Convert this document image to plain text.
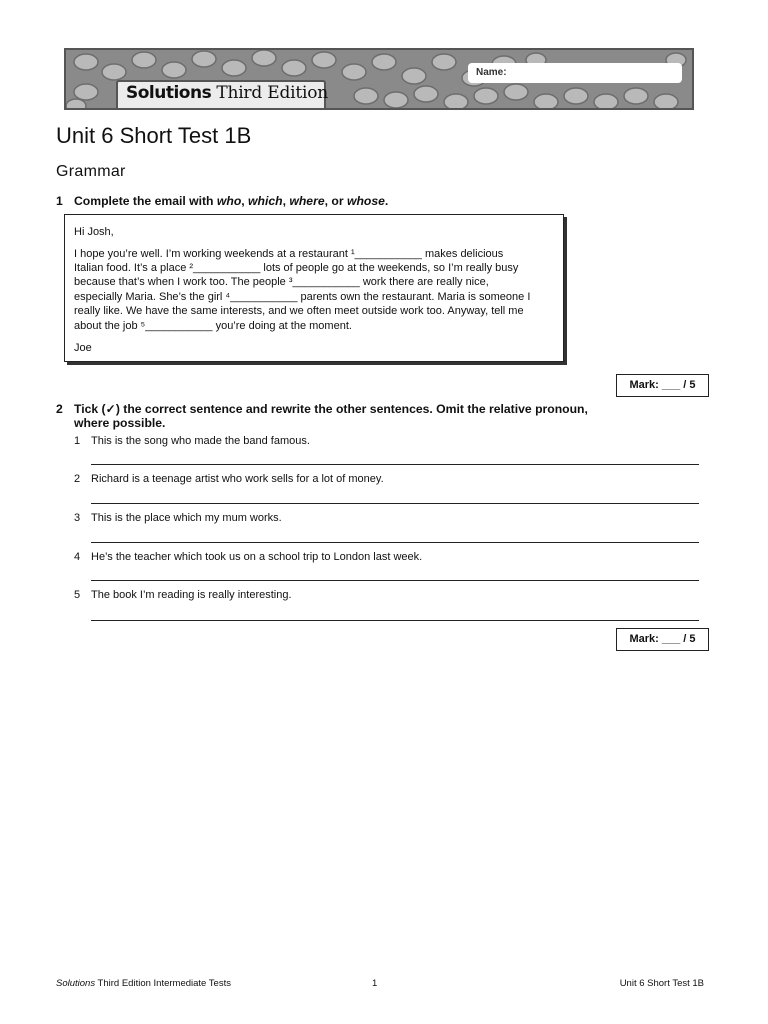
Solutions Third Edition
Name:
Unit 6 Short Test 1B
Grammar
1 Complete the email with who, which, where, or whose.
Hi Josh,
I hope you’re well. I’m working weekends at a restaurant ¹___________ makes delicious
Italian food. It’s a place ²___________ lots of people go at the weekends, so I’m really busy
because that’s when I work too. The people ³___________ work there are really nice,
especially Maria. She’s the girl ⁴___________ parents own the restaurant. Maria is someone I
really like. We have the same interests, and we often meet outside work too. Anyway, tell me
about the job ⁵___________ you’re doing at the moment.
Joe
Mark: ___ / 5
2 Tick (✓) the correct sentence and rewrite the other sentences. Omit the relative pronoun,
where possible.
1 This is the song who made the band famous.
2 Richard is a teenage artist who work sells for a lot of money.
3 This is the place which my mum works.
4 He’s the teacher which took us on a school trip to London last week.
5 The book I’m reading is really interesting.
Mark: ___ / 5
Solutions Third Edition Intermediate Tests	1	Unit 6 Short Test 1B
